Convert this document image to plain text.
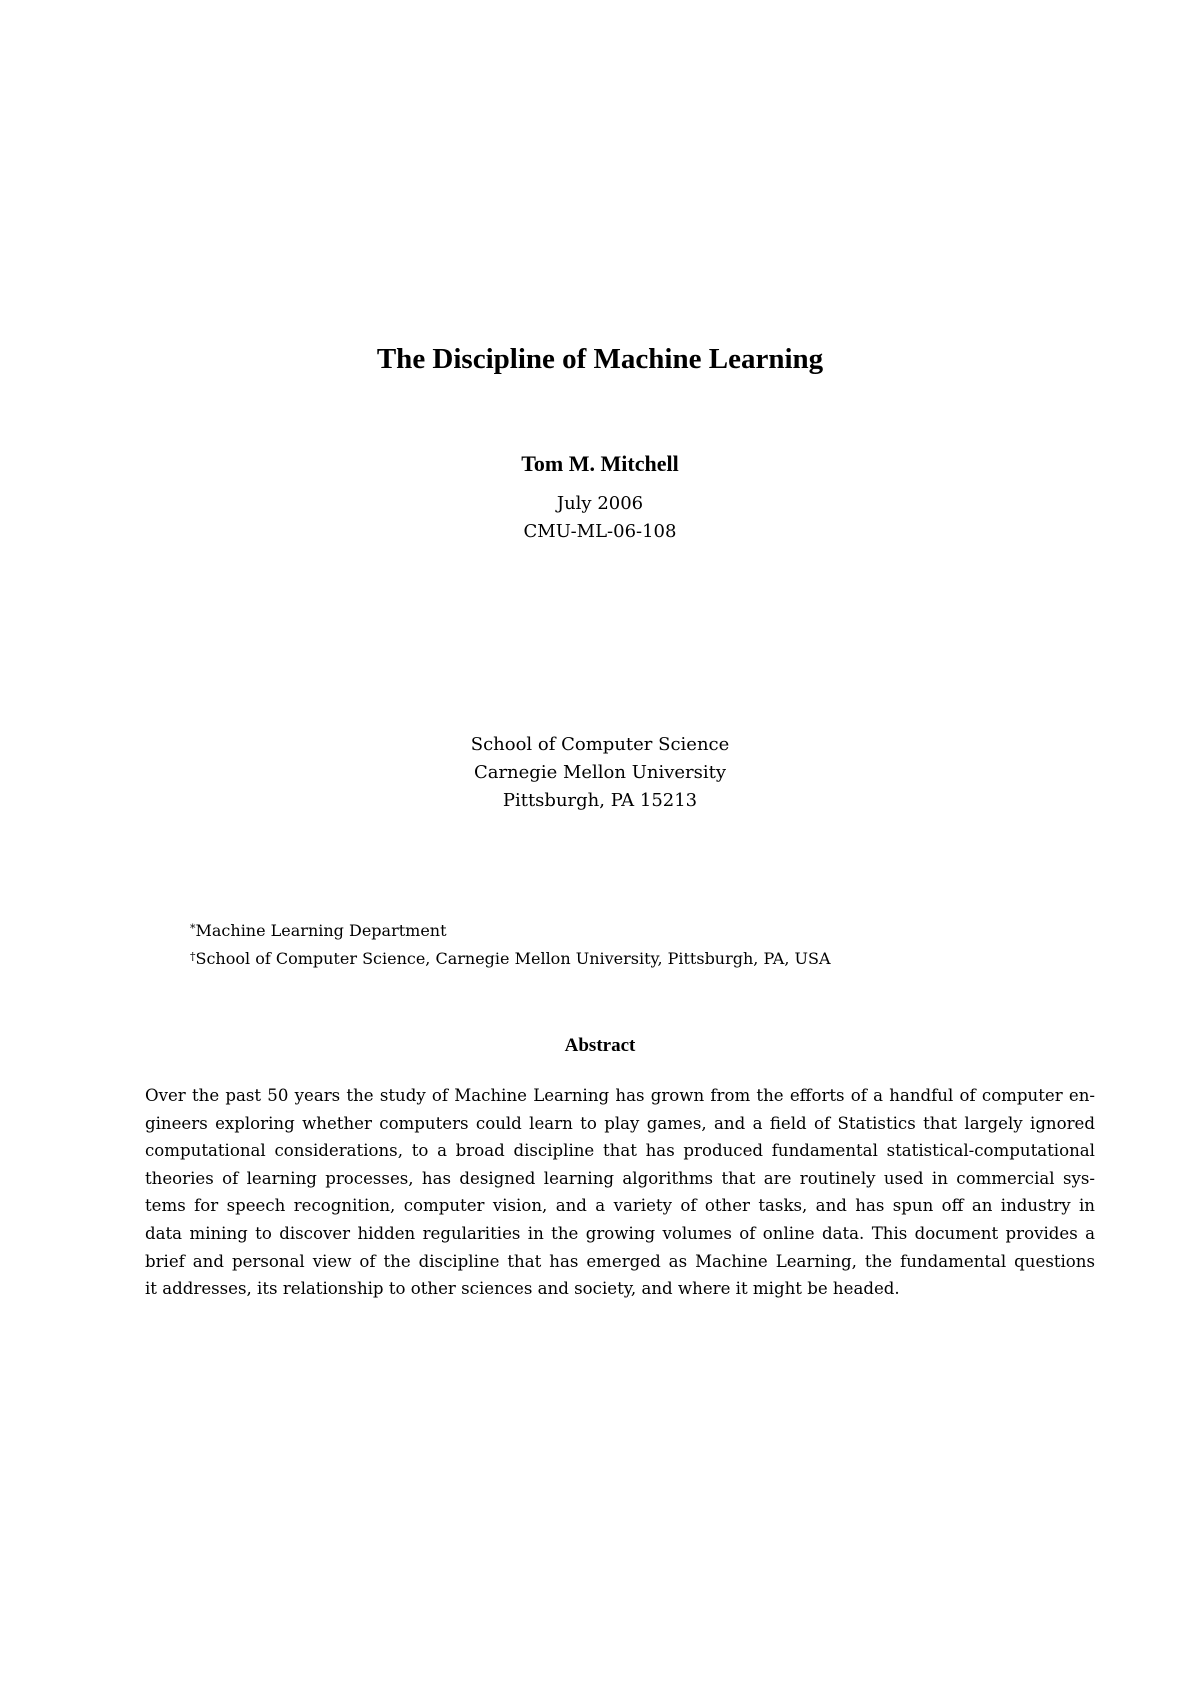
The Discipline of Machine Learning
Tom M. Mitchell
July 2006
CMU-ML-06-108
School of Computer Science
Carnegie Mellon University
Pittsburgh, PA 15213
*Machine Learning Department
†School of Computer Science, Carnegie Mellon University, Pittsburgh, PA, USA
Abstract
Over the past 50 years the study of Machine Learning has grown from the efforts of a handful of computer en-
gineers exploring whether computers could learn to play games, and a field of Statistics that largely ignored
computational considerations, to a broad discipline that has produced fundamental statistical-computational
theories of learning processes, has designed learning algorithms that are routinely used in commercial sys-
tems for speech recognition, computer vision, and a variety of other tasks, and has spun off an industry in
data mining to discover hidden regularities in the growing volumes of online data. This document provides a
brief and personal view of the discipline that has emerged as Machine Learning, the fundamental questions
it addresses, its relationship to other sciences and society, and where it might be headed.
